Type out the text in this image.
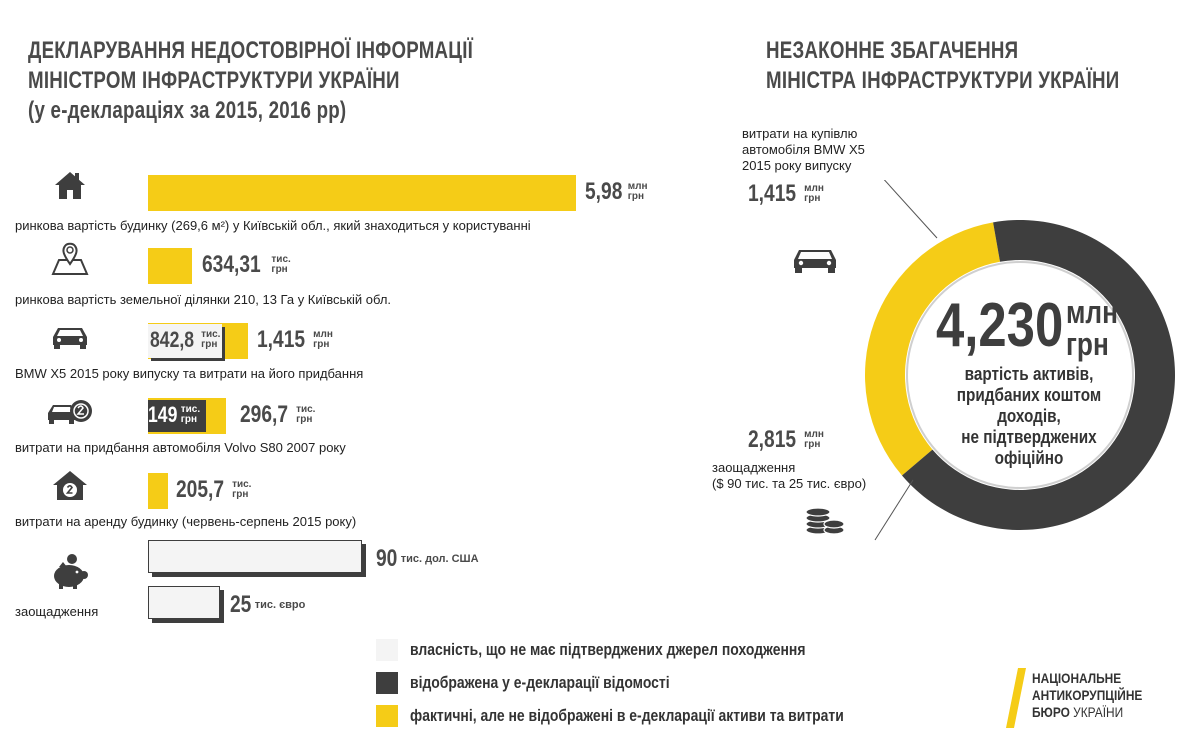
ДЕКЛАРУВАННЯ НЕДОСТОВІРНОЇ ІНФОРМАЦІЇ
МІНІСТРОМ ІНФРАСТРУКТУРИ УКРАЇНИ
(у е-деклараціях за 2015, 2016 рр)
НЕЗАКОННЕ ЗБАГАЧЕННЯ
МІНІСТРА ІНФРАСТРУКТУРИ УКРАЇНИ
5,98 млн
грн
ринкова вартість будинку (269,6 м²) у Київській обл., який знаходиться у користуванні
634,31 тис.
грн
ринкова вартість земельної ділянки 210, 13 Га у Київській обл.
842,8 тис.
грн 1,415 млн
грн
BMW X5 2015 року випуску та витрати на його придбання
149 тис.
грн 296,7 тис.
грн
витрати на придбання автомобіля Volvo S80 2007 року
205,7 тис.
грн
витрати на аренду будинку (червень-серпень 2015 року)
90 тис. дол. США
25 тис. євро
заощадження
4,230 млн
грн
вартість активів,
придбаних коштом доходів,
не підтверджених офіційно
витрати на купівлю
автомобіля BMW X5
2015 року випуску
1,415 млн
грн
2,815 млн
грн
заощадження
($ 90 тис. та 25 тис. євро)
власність, що не має підтверджених джерел походження
відображена у е-декларації відомості
фактичні, але не відображені в е-декларації активи та витрати
НАЦІОНАЛЬНЕ
АНТИКОРУПЦІЙНЕ
БЮРО УКРАЇНИ
